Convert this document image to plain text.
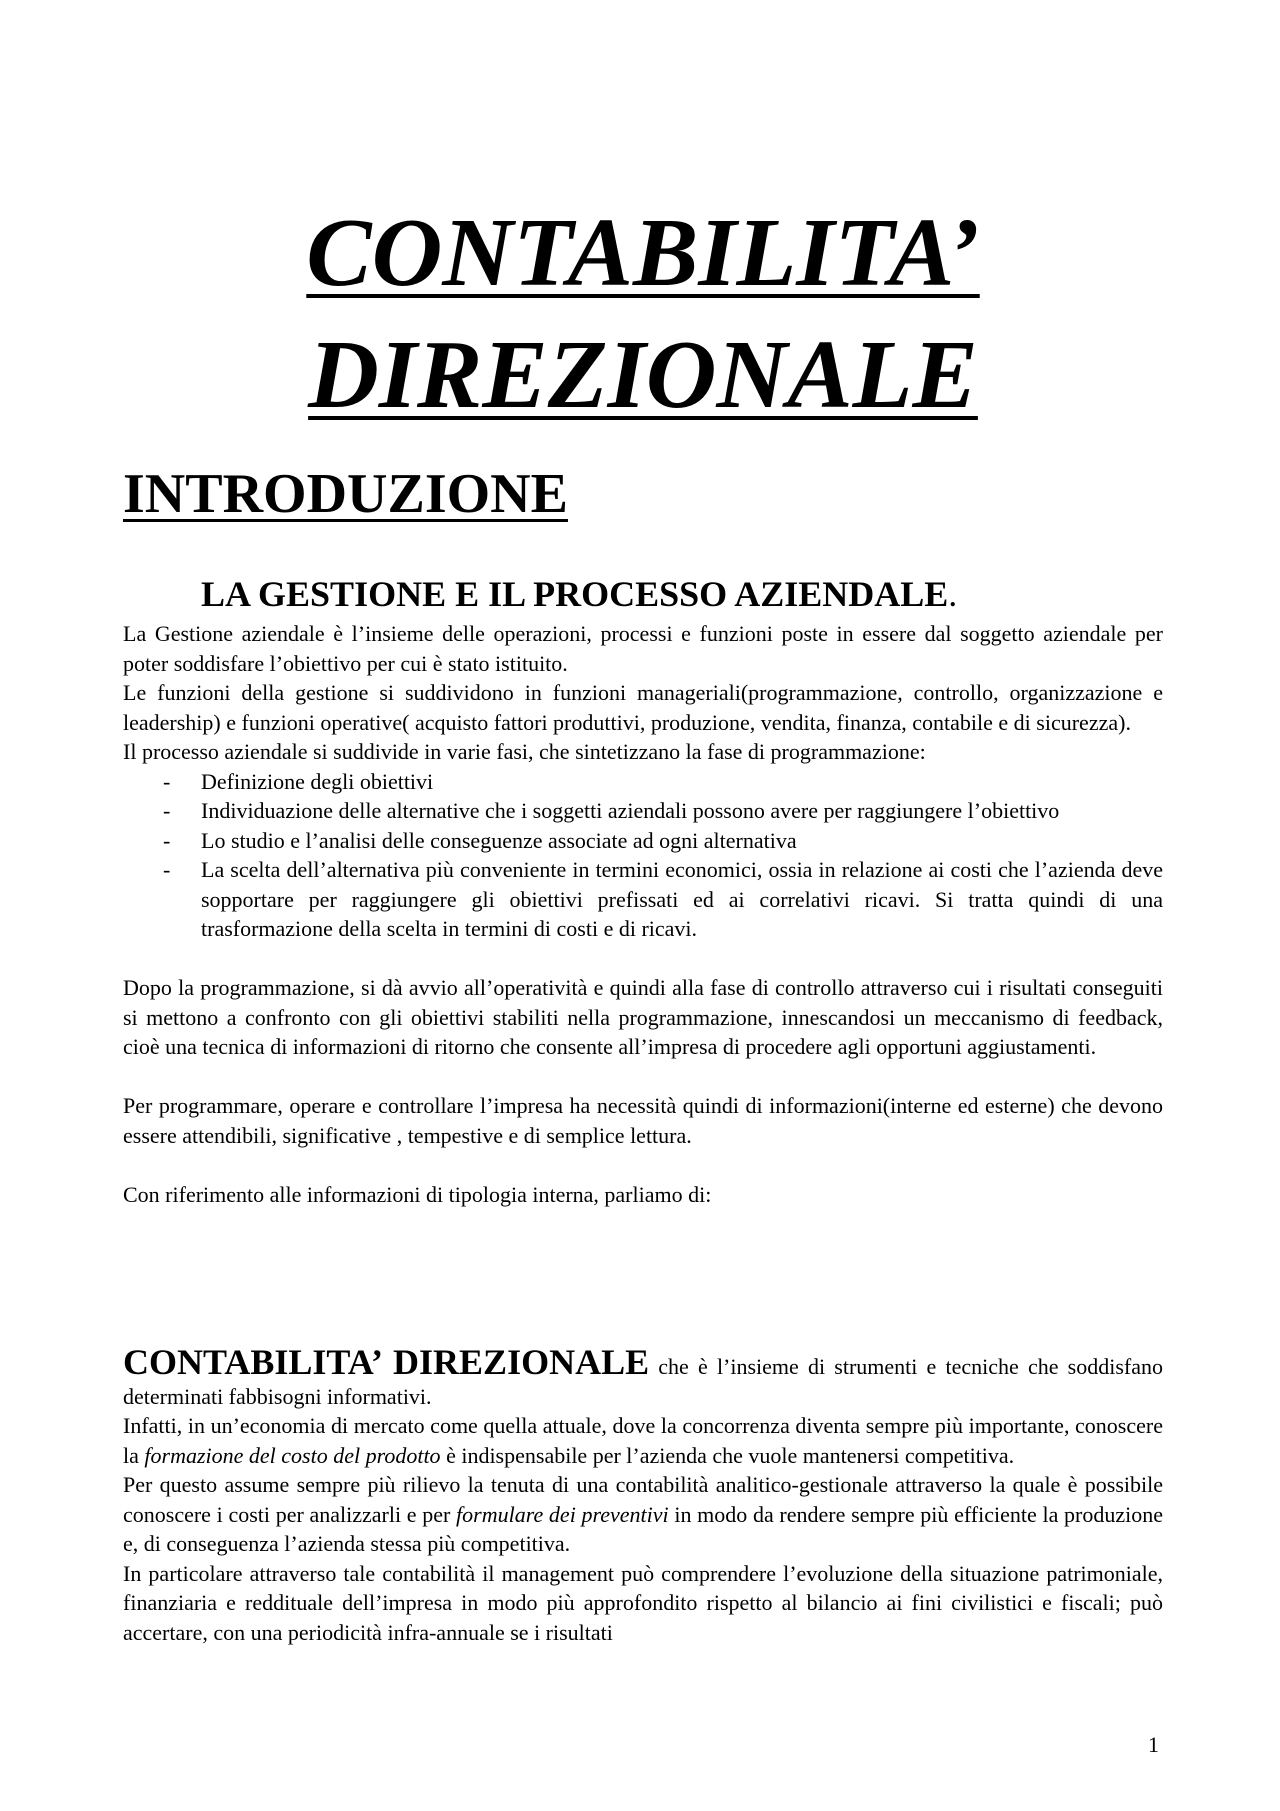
CONTABILITA’
DIREZIONALE
INTRODUZIONE
LA GESTIONE E IL PROCESSO AZIENDALE.

La Gestione aziendale è l’insieme delle operazioni, processi e funzioni poste in essere dal soggetto aziendale per poter soddisfare l’obiettivo per cui è stato istituito.

Le funzioni della gestione si suddividono in funzioni manageriali(programmazione, controllo, organizzazione e leadership) e funzioni operative( acquisto fattori produttivi, produzione, vendita, finanza, contabile e di sicurezza).

Il processo aziendale si suddivide in varie fasi, che sintetizzano la fase di programmazione:

- Definizione degli obiettivi
- Individuazione delle alternative che i soggetti aziendali possono avere per raggiungere l’obiettivo
- Lo studio e l’analisi delle conseguenze associate ad ogni alternativa
- La scelta dell’alternativa più conveniente in termini economici, ossia in relazione ai costi che l’azienda deve sopportare per raggiungere gli obiettivi prefissati ed ai correlativi ricavi. Si tratta quindi di una trasformazione della scelta in termini di costi e di ricavi.

Dopo la programmazione, si dà avvio all’operatività e quindi alla fase di controllo attraverso cui i risultati conseguiti si mettono a confronto con gli obiettivi stabiliti nella programmazione, innescandosi un meccanismo di feedback, cioè una tecnica di informazioni di ritorno che consente all’impresa di procedere agli opportuni aggiustamenti.

Per programmare, operare e controllare l’impresa ha necessità quindi di informazioni(interne ed esterne) che devono essere attendibili, significative , tempestive e di semplice lettura.

Con riferimento alle informazioni di tipologia interna, parliamo di:

CONTABILITA’ DIREZIONALE che è l’insieme di strumenti e tecniche che soddisfano determinati fabbisogni informativi.

Infatti, in un’economia di mercato come quella attuale, dove la concorrenza diventa sempre più importante, conoscere la formazione del costo del prodotto è indispensabile per l’azienda che vuole mantenersi competitiva.

Per questo assume sempre più rilievo la tenuta di una contabilità analitico-gestionale attraverso la quale è possibile conoscere i costi per analizzarli e per formulare dei preventivi in modo da rendere sempre più efficiente la produzione e, di conseguenza l’azienda stessa più competitiva.

In particolare attraverso tale contabilità il management può comprendere l’evoluzione della situazione patrimoniale, finanziaria e reddituale dell’impresa in modo più approfondito rispetto al bilancio ai fini civilistici e fiscali; può accertare, con una periodicità infra-annuale se i risultati

1
